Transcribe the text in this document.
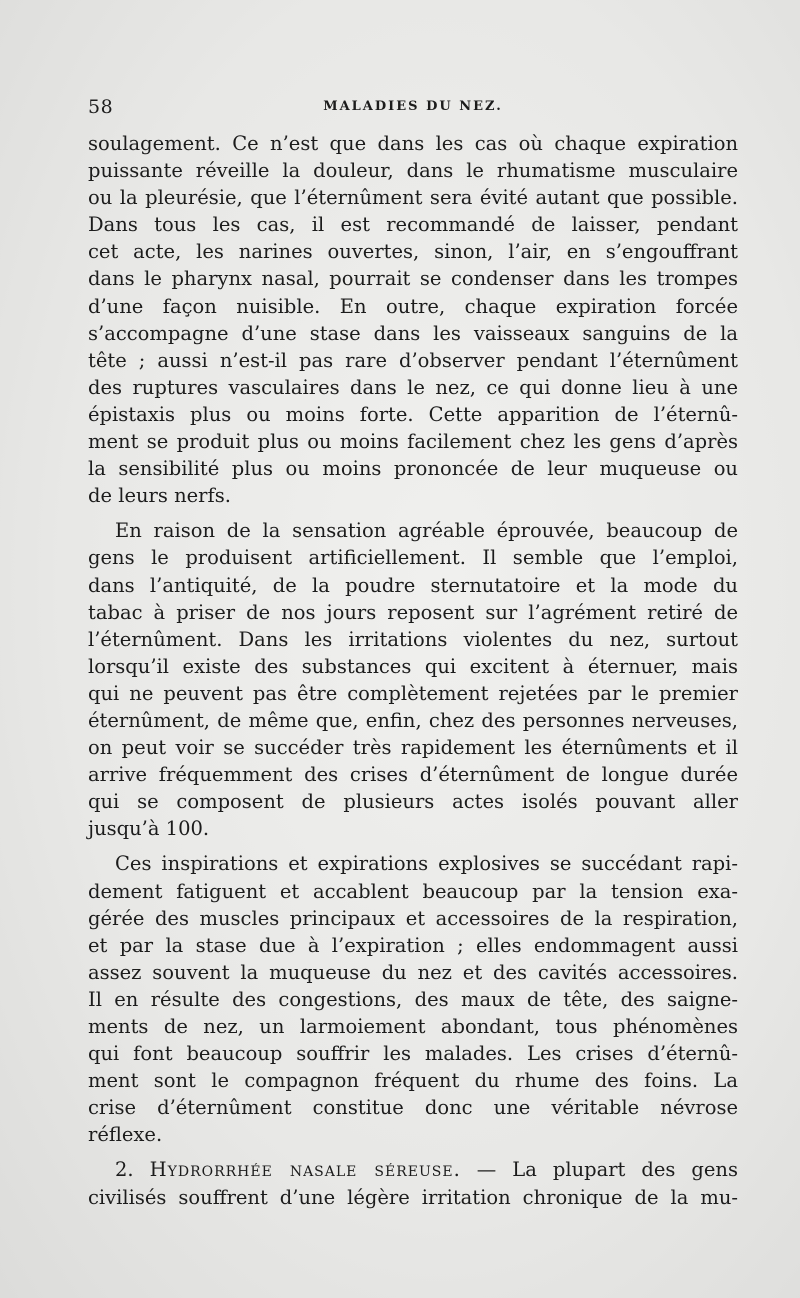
58	MALADIES DU NEZ.
soulagement. Ce n’est que dans les cas où chaque expiration
puissante réveille la douleur, dans le rhumatisme musculaire
ou la pleurésie, que l’éternûment sera évité autant que possible.
Dans tous les cas, il est recommandé de laisser, pendant
cet acte, les narines ouvertes, sinon, l’air, en s’engouffrant
dans le pharynx nasal, pourrait se condenser dans les trompes
d’une façon nuisible. En outre, chaque expiration forcée
s’accompagne d’une stase dans les vaisseaux sanguins de la
tête ; aussi n’est-il pas rare d’observer pendant l’éternûment
des ruptures vasculaires dans le nez, ce qui donne lieu à une
épistaxis plus ou moins forte. Cette apparition de l’éternû-
ment se produit plus ou moins facilement chez les gens d’après
la sensibilité plus ou moins prononcée de leur muqueuse ou
de leurs nerfs.
En raison de la sensation agréable éprouvée, beaucoup de
gens le produisent artificiellement. Il semble que l’emploi,
dans l’antiquité, de la poudre sternutatoire et la mode du
tabac à priser de nos jours reposent sur l’agrément retiré de
l’éternûment. Dans les irritations violentes du nez, surtout
lorsqu’il existe des substances qui excitent à éternuer, mais
qui ne peuvent pas être complètement rejetées par le premier
éternûment, de même que, enfin, chez des personnes nerveuses,
on peut voir se succéder très rapidement les éternûments et il
arrive fréquemment des crises d’éternûment de longue durée
qui se composent de plusieurs actes isolés pouvant aller
jusqu’à 100.
Ces inspirations et expirations explosives se succédant rapi-
dement fatiguent et accablent beaucoup par la tension exa-
gérée des muscles principaux et accessoires de la respiration,
et par la stase due à l’expiration ; elles endommagent aussi
assez souvent la muqueuse du nez et des cavités accessoires.
Il en résulte des congestions, des maux de tête, des saigne-
ments de nez, un larmoiement abondant, tous phénomènes
qui font beaucoup souffrir les malades. Les crises d’éternû-
ment sont le compagnon fréquent du rhume des foins. La
crise d’éternûment constitue donc une véritable névrose
réflexe.
2. Hydrorrhée nasale séreuse. — La plupart des gens
civilisés souffrent d’une légère irritation chronique de la mu-
